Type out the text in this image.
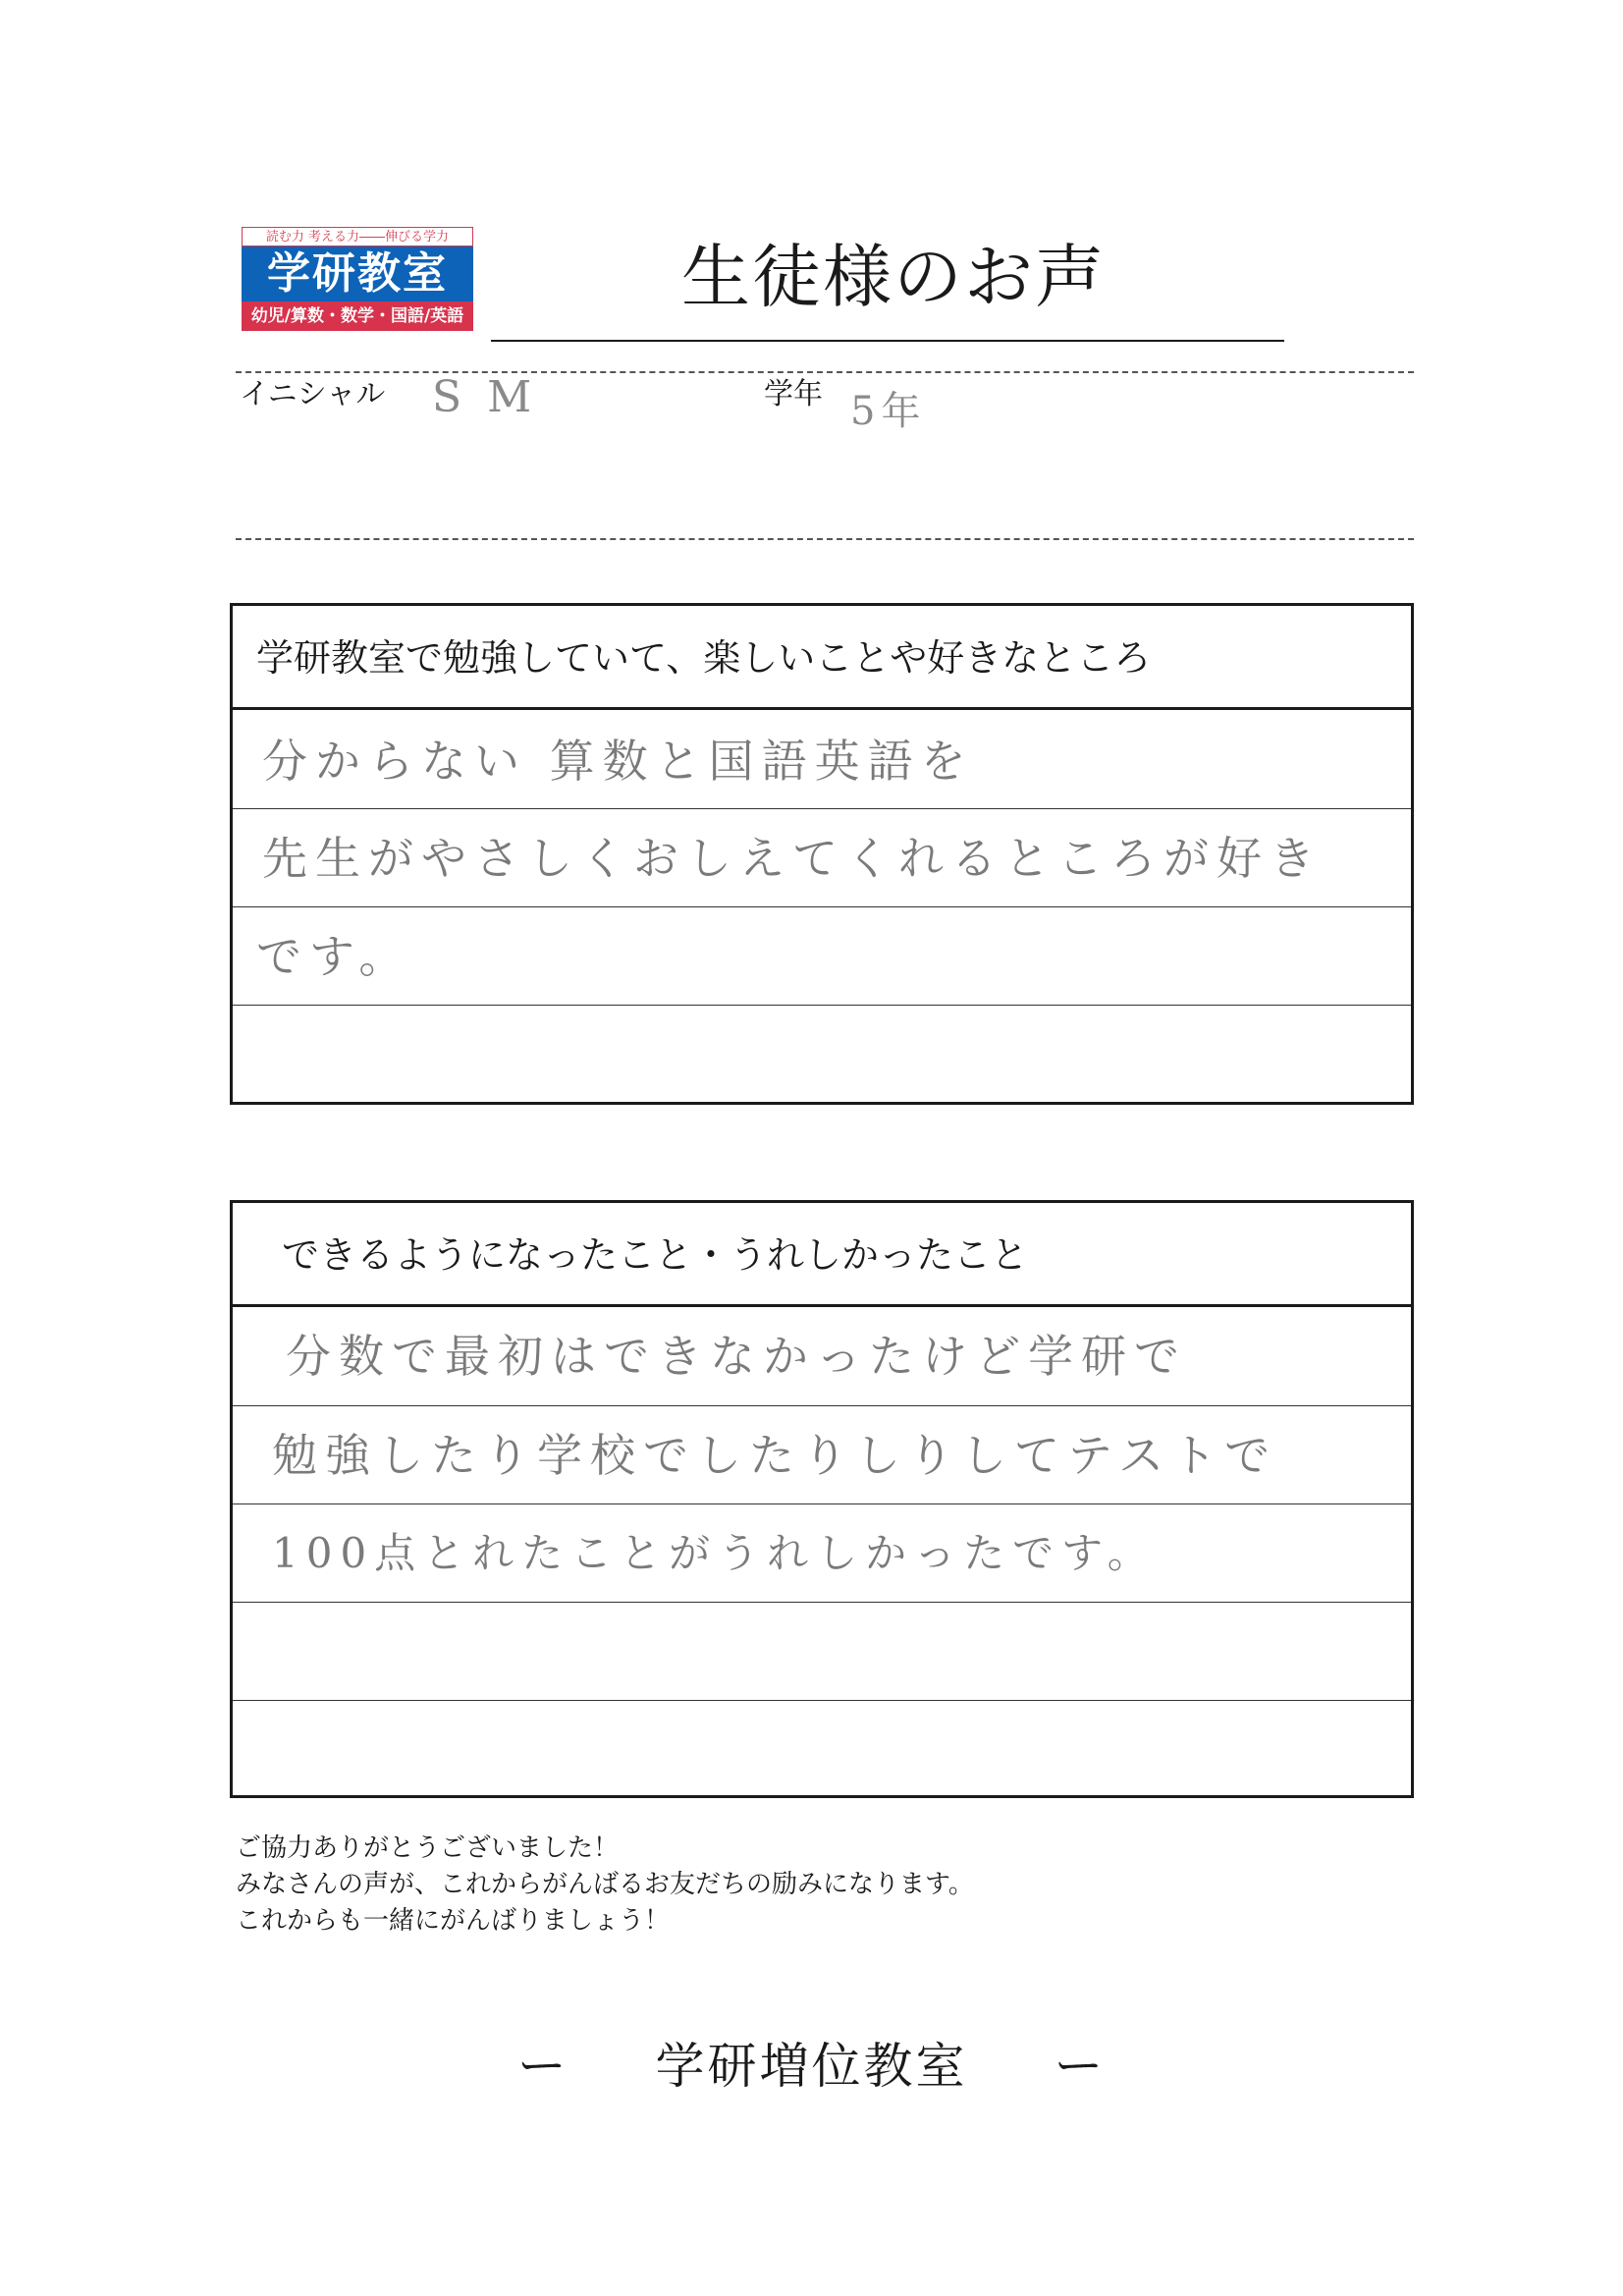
読む力 考える力――伸びる学力
学研教室
幼児/算数・数学・国語/英語	生徒様のお声
イニシャル S M	学年 5年
学研教室で勉強していて、楽しいことや好きなところ
分からない 算数と国語英語を
先生がやさしくおしえてくれるところが好き
です。
できるようになったこと・うれしかったこと
分数で最初はできなかったけど学研で
勉強したり学校でしたりしりしてテストで
100点とれたことがうれしかったです。
ご協力ありがとうございました！
みなさんの声が、これからがんばるお友だちの励みになります。
これからも一緒にがんばりましょう！
ー 学研増位教室 ー
